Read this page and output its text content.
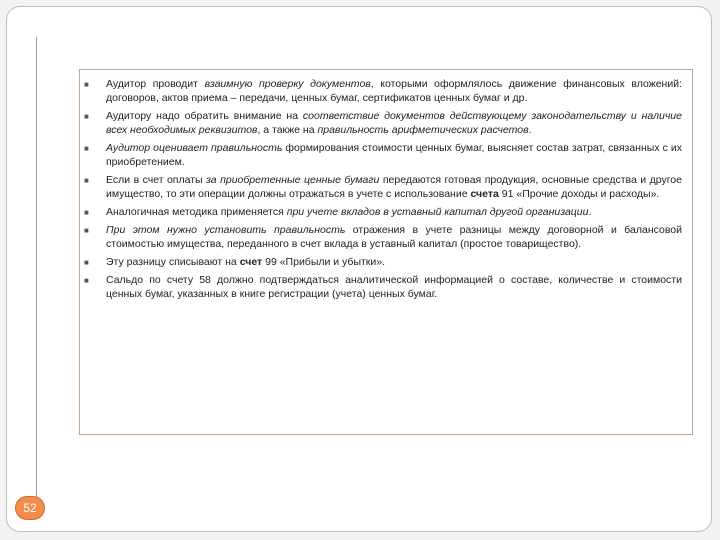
■ Аудитор проводит взаимную проверку документов, которыми оформлялось движение финансовых вложений: договоров, актов приема – передачи, ценных бумаг, сертификатов ценных бумаг и др.
■ Аудитору надо обратить внимание на соответствие документов действующему законодательству и наличие всех необходимых реквизитов, а также на правильность арифметических расчетов.
■ Аудитор оценивает правильность формирования стоимости ценных бумаг, выясняет состав затрат, связанных с их приобретением.
■ Если в счет оплаты за приобретенные ценные бумаги передаются готовая продукция, основные средства и другое имущество, то эти операции должны отражаться в учете с использование счета 91 «Прочие доходы и расходы».
■ Аналогичная методика применяется при учете вкладов в уставный капитал другой организации.
■ При этом нужно установить правильность отражения в учете разницы между договорной и балансовой стоимостью имущества, переданного в счет вклада в уставный капитал (простое товарищество).
■ Эту разницу списывают на счет 99 «Прибыли и убытки».
■ Сальдо по счету 58 должно подтверждаться аналитической информацией о составе, количестве и стоимости ценных бумаг, указанных в книге регистрации (учета) ценных бумаг.
52
